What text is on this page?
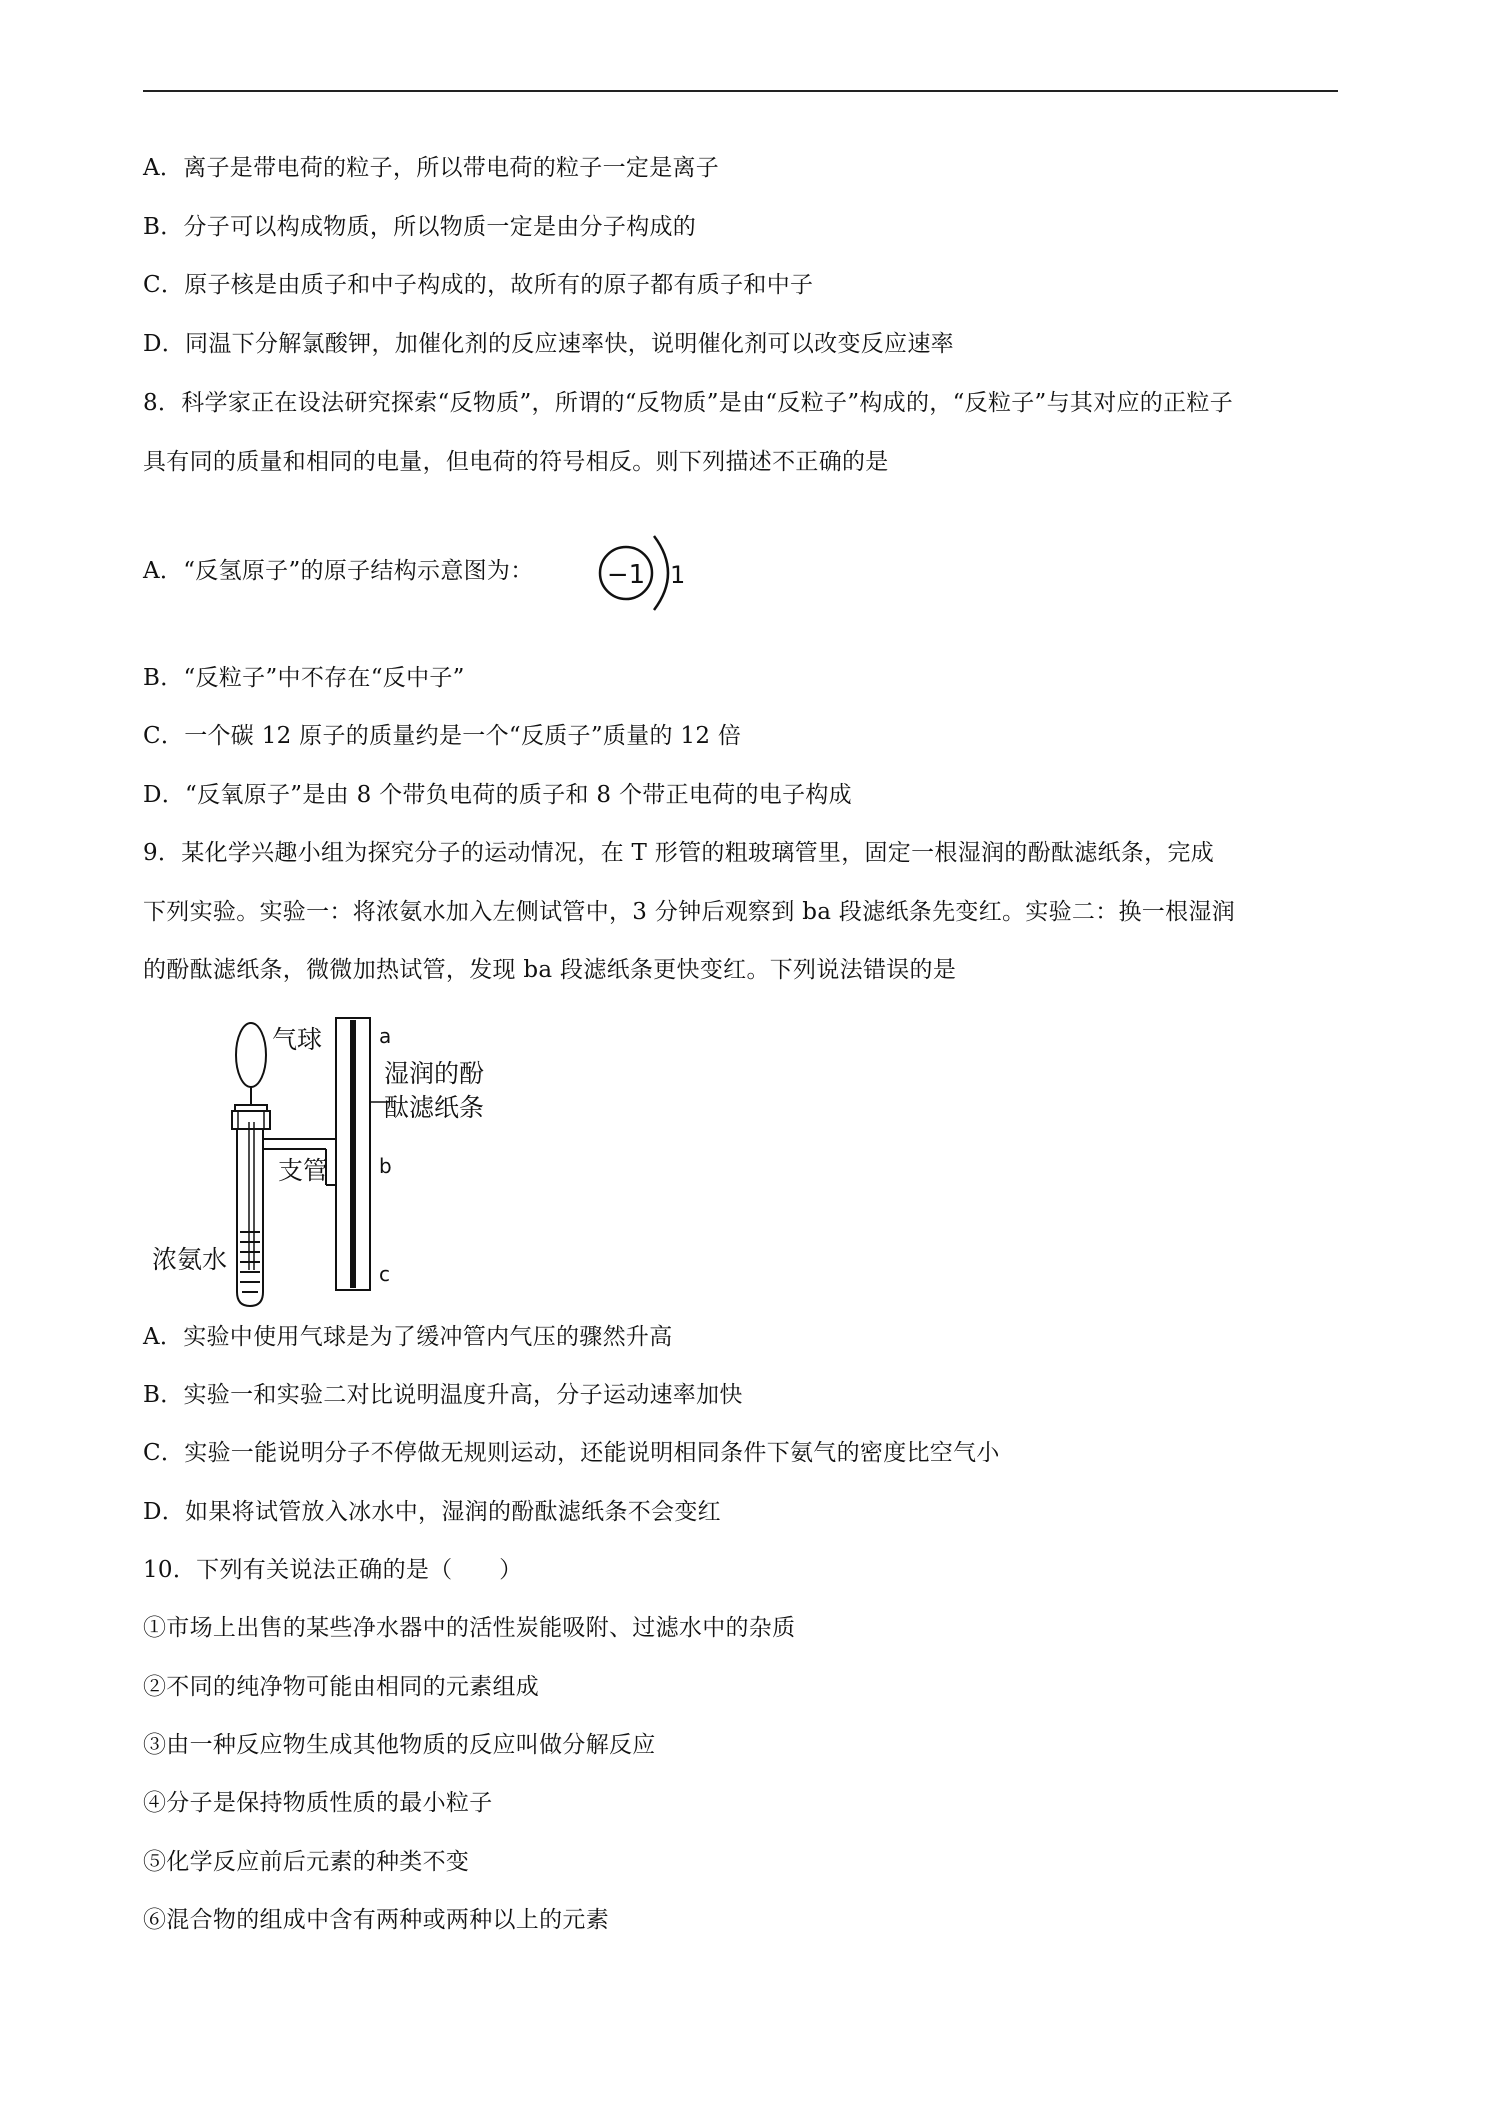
A．离子是带电荷的粒子，所以带电荷的粒子一定是离子
B．分子可以构成物质，所以物质一定是由分子构成的
C．原子核是由质子和中子构成的，故所有的原子都有质子和中子
D．同温下分解氯酸钾，加催化剂的反应速率快，说明催化剂可以改变反应速率
8．科学家正在设法研究探索“反物质”，所谓的“反物质”是由“反粒子”构成的，“反粒子”与其对应的正粒子
具有同的质量和相同的电量，但电荷的符号相反。则下列描述不正确的是
A．“反氢原子”的原子结构示意图为：	−1 1
B．“反粒子”中不存在“反中子”
C．一个碳 12 原子的质量约是一个“反质子”质量的 12 倍
D．“反氧原子”是由 8 个带负电荷的质子和 8 个带正电荷的电子构成
9．某化学兴趣小组为探究分子的运动情况，在 T 形管的粗玻璃管里，固定一根湿润的酚酞滤纸条，完成
下列实验。实验一：将浓氨水加入左侧试管中，3 分钟后观察到 ba 段滤纸条先变红。实验二：换一根湿润
的酚酞滤纸条，微微加热试管，发现 ba 段滤纸条更快变红。下列说法错误的是
气球
支管
浓氨水
湿润的酚
酞滤纸条
a
b
c
A．实验中使用气球是为了缓冲管内气压的骤然升高
B．实验一和实验二对比说明温度升高，分子运动速率加快
C．实验一能说明分子不停做无规则运动，还能说明相同条件下氨气的密度比空气小
D．如果将试管放入冰水中，湿润的酚酞滤纸条不会变红
10．下列有关说法正确的是（　　）
①市场上出售的某些净水器中的活性炭能吸附、过滤水中的杂质
②不同的纯净物可能由相同的元素组成
③由一种反应物生成其他物质的反应叫做分解反应
④分子是保持物质性质的最小粒子
⑤化学反应前后元素的种类不变
⑥混合物的组成中含有两种或两种以上的元素
